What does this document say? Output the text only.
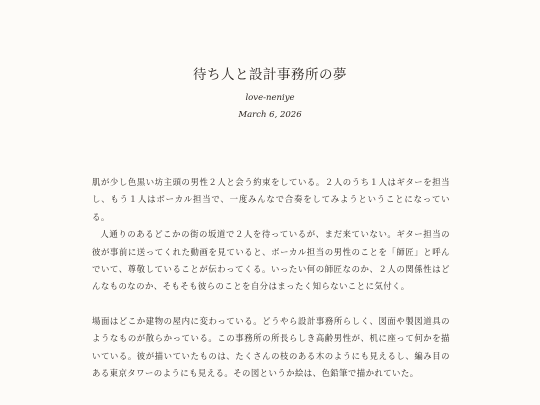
待ち人と設計事務所の夢
love-neniye
March 6, 2026

肌が少し色黒い坊主頭の男性２人と会う約束をしている。２人のうち１人はギターを担当し、もう１人はボーカル担当で、一度みんなで合奏をしてみようということになっている。

人通りのあるどこかの街の坂道で２人を待っているが、まだ来ていない。ギター担当の彼が事前に送ってくれた動画を見ていると、ボーカル担当の男性のことを「師匠」と呼んでいて、尊敬していることが伝わってくる。いったい何の師匠なのか、２人の関係性はどんなものなのか、そもそも彼らのことを自分はまったく知らないことに気付く。

場面はどこか建物の屋内に変わっている。どうやら設計事務所らしく、図面や製図道具のようなものが散らかっている。この事務所の所長らしき高齢男性が、机に座って何かを描いている。彼が描いていたものは、たくさんの枝のある木のようにも見えるし、編み目のある東京タワーのようにも見える。その図というか絵は、色鉛筆で描かれていた。
